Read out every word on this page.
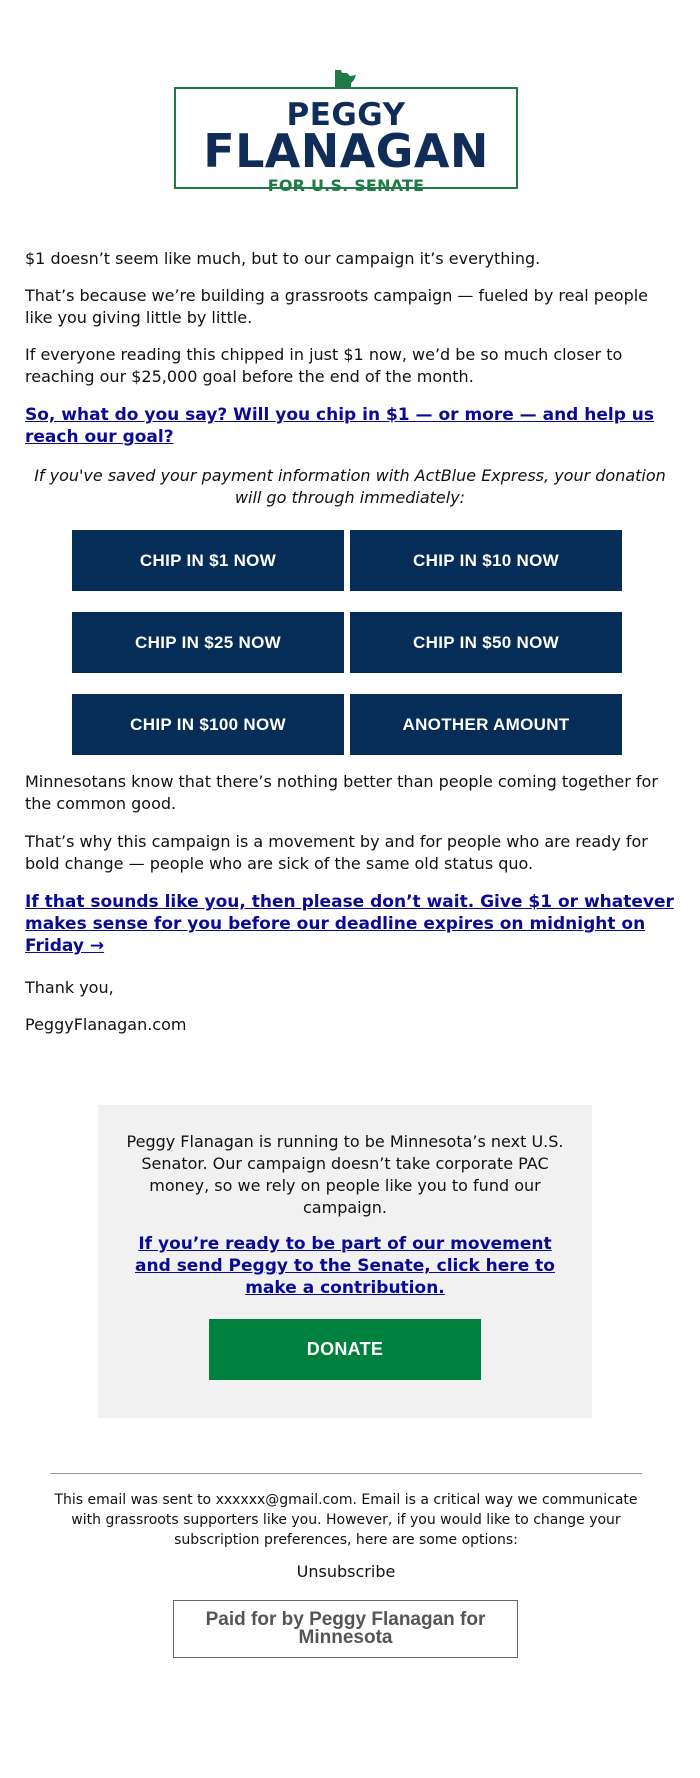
PEGGY
FLANAGAN
FOR U.S. SENATE
$1 doesn’t seem like much, but to our campaign it’s everything.
That’s because we’re building a grassroots campaign — fueled by real people like you giving little by little.
If everyone reading this chipped in just $1 now, we’d be so much closer to reaching our $25,000 goal before the end of the month.
So, what do you say? Will you chip in $1 — or more — and help us reach our goal?
If you've saved your payment information with ActBlue Express, your donation will go through immediately:
CHIP IN $1 NOW	CHIP IN $10 NOW
CHIP IN $25 NOW	CHIP IN $50 NOW
CHIP IN $100 NOW	ANOTHER AMOUNT
Minnesotans know that there’s nothing better than people coming together for the common good.
That’s why this campaign is a movement by and for people who are ready for bold change — people who are sick of the same old status quo.
If that sounds like you, then please don’t wait. Give $1 or whatever makes sense for you before our deadline expires on midnight on Friday →
Thank you,
PeggyFlanagan.com
Peggy Flanagan is running to be Minnesota’s next U.S. Senator. Our campaign doesn’t take corporate PAC money, so we rely on people like you to fund our campaign.
If you’re ready to be part of our movement and send Peggy to the Senate, click here to make a contribution.
DONATE
This email was sent to xxxxxx@gmail.com. Email is a critical way we communicate with grassroots supporters like you. However, if you would like to change your subscription preferences, here are some options:
Unsubscribe
Paid for by Peggy Flanagan for Minnesota
